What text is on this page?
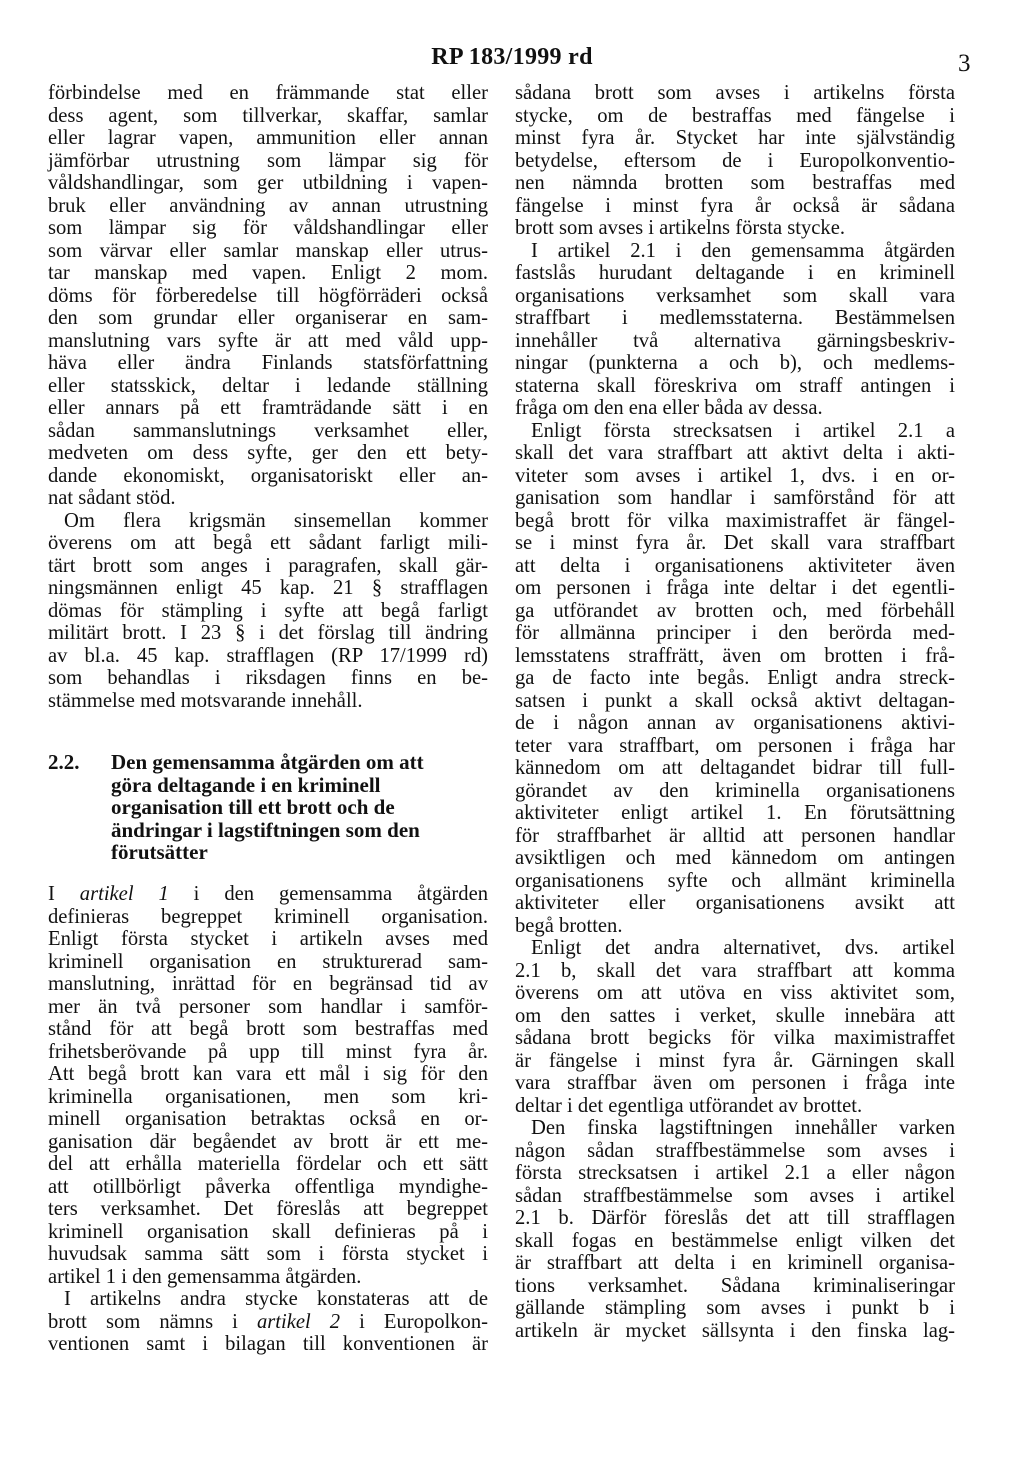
RP 183/1999 rd	3
förbindelse med en främmande stat eller
dess agent, som tillverkar, skaffar, samlar
eller lagrar vapen, ammunition eller annan
jämförbar utrustning som lämpar sig för
våldshandlingar, som ger utbildning i vapen-
bruk eller användning av annan utrustning
som lämpar sig för våldshandlingar eller
som värvar eller samlar manskap eller utrus-
tar manskap med vapen. Enligt 2 mom.
döms för förberedelse till högförräderi också
den som grundar eller organiserar en sam-
manslutning vars syfte är att med våld upp-
häva eller ändra Finlands statsförfattning
eller statsskick, deltar i ledande ställning
eller annars på ett framträdande sätt i en
sådan sammanslutnings verksamhet eller,
medveten om dess syfte, ger den ett bety-
dande ekonomiskt, organisatoriskt eller an-
nat sådant stöd.
Om flera krigsmän sinsemellan kommer
överens om att begå ett sådant farligt mili-
tärt brott som anges i paragrafen, skall gär-
ningsmännen enligt 45 kap. 21 § strafflagen
dömas för stämpling i syfte att begå farligt
militärt brott. I 23 § i det förslag till ändring
av bl.a. 45 kap. strafflagen (RP 17/1999 rd)
som behandlas i riksdagen finns en be-
stämmelse med motsvarande innehåll.
2.2. Den gemensamma åtgärden om att
göra deltagande i en kriminell
organisation till ett brott och de
ändringar i lagstiftningen som den
förutsätter
I artikel 1 i den gemensamma åtgärden
definieras begreppet kriminell organisation.
Enligt första stycket i artikeln avses med
kriminell organisation en strukturerad sam-
manslutning, inrättad för en begränsad tid av
mer än två personer som handlar i samför-
stånd för att begå brott som bestraffas med
frihetsberövande på upp till minst fyra år.
Att begå brott kan vara ett mål i sig för den
kriminella organisationen, men som kri-
minell organisation betraktas också en or-
ganisation där begåendet av brott är ett me-
del att erhålla materiella fördelar och ett sätt
att otillbörligt påverka offentliga myndighe-
ters verksamhet. Det föreslås att begreppet
kriminell organisation skall definieras på i
huvudsak samma sätt som i första stycket i
artikel 1 i den gemensamma åtgärden.
I artikelns andra stycke konstateras att de
brott som nämns i artikel 2 i Europolkon-
ventionen samt i bilagan till konventionen är
sådana brott som avses i artikelns första
stycke, om de bestraffas med fängelse i
minst fyra år. Stycket har inte självständig
betydelse, eftersom de i Europolkonventio-
nen nämnda brotten som bestraffas med
fängelse i minst fyra år också är sådana
brott som avses i artikelns första stycke.
I artikel 2.1 i den gemensamma åtgärden
fastslås hurudant deltagande i en kriminell
organisations verksamhet som skall vara
straffbart i medlemsstaterna. Bestämmelsen
innehåller två alternativa gärningsbeskriv-
ningar (punkterna a och b), och medlems-
staterna skall föreskriva om straff antingen i
fråga om den ena eller båda av dessa.
Enligt första strecksatsen i artikel 2.1 a
skall det vara straffbart att aktivt delta i akti-
viteter som avses i artikel 1, dvs. i en or-
ganisation som handlar i samförstånd för att
begå brott för vilka maximistraffet är fängel-
se i minst fyra år. Det skall vara straffbart
att delta i organisationens aktiviteter även
om personen i fråga inte deltar i det egentli-
ga utförandet av brotten och, med förbehåll
för allmänna principer i den berörda med-
lemsstatens straffrätt, även om brotten i frå-
ga de facto inte begås. Enligt andra streck-
satsen i punkt a skall också aktivt deltagan-
de i någon annan av organisationens aktivi-
teter vara straffbart, om personen i fråga har
kännedom om att deltagandet bidrar till full-
görandet av den kriminella organisationens
aktiviteter enligt artikel 1. En förutsättning
för straffbarhet är alltid att personen handlar
avsiktligen och med kännedom om antingen
organisationens syfte och allmänt kriminella
aktiviteter eller organisationens avsikt att
begå brotten.
Enligt det andra alternativet, dvs. artikel
2.1 b, skall det vara straffbart att komma
överens om att utöva en viss aktivitet som,
om den sattes i verket, skulle innebära att
sådana brott begicks för vilka maximistraffet
är fängelse i minst fyra år. Gärningen skall
vara straffbar även om personen i fråga inte
deltar i det egentliga utförandet av brottet.
Den finska lagstiftningen innehåller varken
någon sådan straffbestämmelse som avses i
första strecksatsen i artikel 2.1 a eller någon
sådan straffbestämmelse som avses i artikel
2.1 b. Därför föreslås det att till strafflagen
skall fogas en bestämmelse enligt vilken det
är straffbart att delta i en kriminell organisa-
tions verksamhet. Sådana kriminaliseringar
gällande stämpling som avses i punkt b i
artikeln är mycket sällsynta i den finska lag-
